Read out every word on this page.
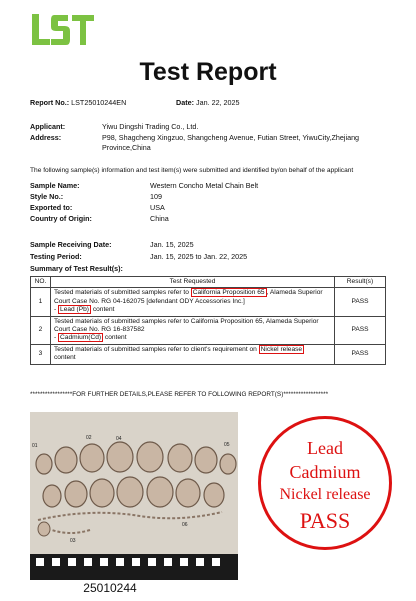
Test Report
Report No.: LST25010244EN	Date: Jan. 22, 2025
Applicant:	Yiwu Dingshi Trading Co., Ltd.
Address:	P98, Shagcheng Xingzuo, Shangcheng Avenue, Futian Street, YiwuCity,Zhejiang
Province,China
The following sample(s) information and test item(s) were submitted and identified by/on behalf of the applicant
Sample Name:	Western Concho Metal Chain Belt
Style No.:	109
Exported to:	USA
Country of Origin:	China
Sample Receiving Date:	Jan. 15, 2025
Testing Period:	Jan. 15, 2025 to Jan. 22, 2025
Summary of Test Result(s):
NO.	Test Requested	Result(s)
1	Tested materials of submitted samples refer to California Proposition 65 , Alameda Superior Court Case No. RG 04-162075 [defendant ODY Accessories Inc.]
- Lead (Pb) content	PASS
2	Tested materials of submitted samples refer to California Proposition 65, Alameda Superior Court Case No. RG 16-837582
- Cadmium(Cd) content	PASS
3	Tested materials of submitted samples refer to client's requirement on Nickel release
content	PASS
*****************FOR FURTHER DETAILS,PLEASE REFER TO FOLLOWING REPORT(S)******************
02	04
05
01
06
03
25010244
Lead
Cadmium
Nickel release
PASS
